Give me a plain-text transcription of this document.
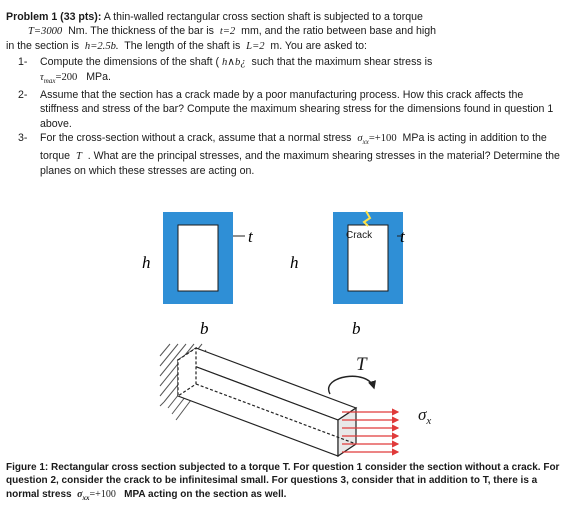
Problem 1 (33 pts): A thin-walled rectangular cross section shaft is subjected to a torque

T=3000 Nm. The thickness of the bar is t=2 mm, and the ratio between base and high

in the section is h=2.5b. The length of the shaft is L=2 m. You are asked to:

1-	Compute the dimensions of the shaft ( h∧b¿ such that the maximum shear stress is
$\tau_{max}=200$ MPa.
2-	Assume that the section has a crack made by a poor manufacturing process. How this crack affects the stiffness and stress of the bar? Compute the maximum shearing stress for the dimensions found in question 1 above.
3-	For the cross-section without a crack, assume that a normal stress $\sigma_{xx}=+100$ MPa is acting in addition to the torque T . What are the principal stresses, and the maximum shearing stresses in the material? Determine the planes on which these stresses are acting on.
t
h
b
Crack t
h
b
T
$\sigma_x$

Figure 1: Rectangular cross section subjected to a torque T. For question 1 consider the section without a crack. For question 2, consider the crack to be infinitesimal small. For questions 3, consider that in addition to T, there is a normal stress $\sigma_{xx}=+100$ MPA acting on the section as well.
